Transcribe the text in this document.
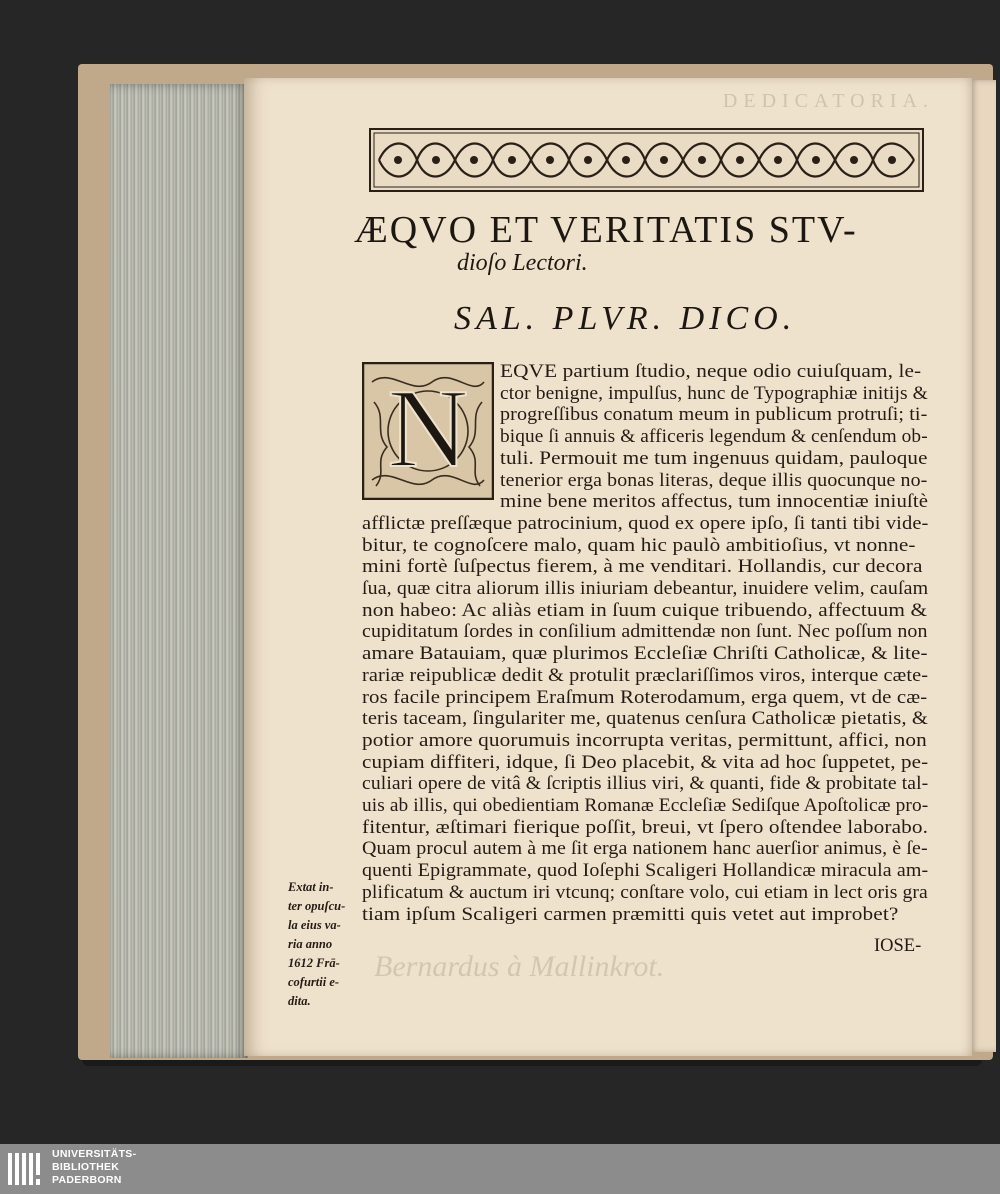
DEDICATORIA.
ÆQVO ET VERITATIS STV-
dioſo Lectori.
SAL. PLVR. DICO.
N EQVE partium ſtudio, neque odio cuiuſquam, le-
ctor benigne, impulſus, hunc de Typographiæ initijs &
progreſſibus conatum meum in publicum protruſi; ti-
bique ſi annuis & afficeris legendum & cenſendum ob-
tuli. Permouit me tum ingenuus quidam, pauloque
tenerior erga bonas literas, deque illis quocunque no-
mine bene meritos affectus, tum innocentiæ iniuſtè
afflictæ preſſæque patrocinium, quod ex opere ipſo, ſi tanti tibi vide-
bitur, te cognoſcere malo, quam hic paulò ambitioſius, vt nonne-
mini fortè ſuſpectus fierem, à me venditari. Hollandis, cur decora
ſua, quæ citra aliorum illis iniuriam debeantur, inuidere velim, cauſam
non habeo: Ac aliàs etiam in ſuum cuique tribuendo, affectuum &
cupiditatum ſordes in conſilium admittendæ non ſunt. Nec poſſum non
amare Batauiam, quæ plurimos Eccleſiæ Chriſti Catholicæ, & lite-
rariæ reipublicæ dedit & protulit præclariſſimos viros, interque cæte-
ros facile principem Eraſmum Roterodamum, erga quem, vt de cæ-
teris taceam, ſingulariter me, quatenus cenſura Catholicæ pietatis, &
potior amore quorumuis incorrupta veritas, permittunt, affici, non
cupiam diffiteri, idque, ſi Deo placebit, & vita ad hoc ſuppetet, pe-
culiari opere de vitâ & ſcriptis illius viri, & quanti, fide & probitate tal-
uis ab illis, qui obedientiam Romanæ Eccleſiæ Sediſque Apoſtolicæ pro-
fitentur, æſtimari fierique poſſit, breui, vt ſpero oſtendee laborabo.
Quam procul autem à me ſit erga nationem hanc auerſior animus, è ſe-
quenti Epigrammate, quod Ioſephi Scaligeri Hollandicæ miracula am-
plificatum & auctum iri vtcunq; conſtare volo, cui etiam in lect oris gra
tiam ipſum Scaligeri carmen præmitti quis vetet aut improbet?
Extat in-
ter opuſcu-
la eius va-
ria anno
1612 Frā-
cofurtii e-
dita.
IOSE-
Bernardus à Mallinkrot.
UNIVERSITÄTS-
BIBLIOTHEK
PADERBORN
